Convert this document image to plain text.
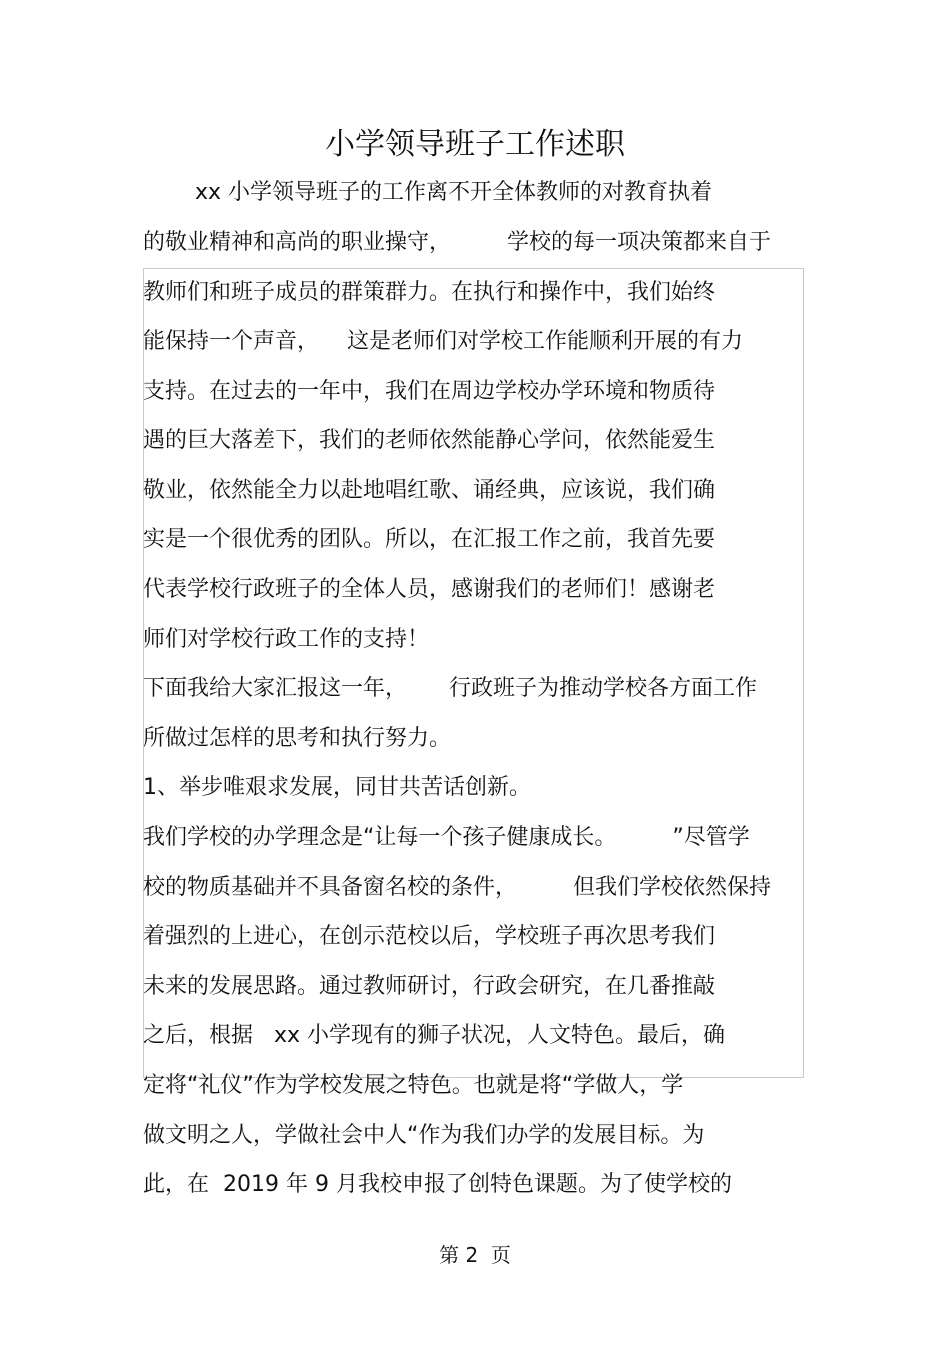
小学领导班子工作述职
xx 小学领导班子的工作离不开全体教师的对教育执着
的敬业精神和高尚的职业操守，        学校的每一项决策都来自于
教师们和班子成员的群策群力。在执行和操作中，我们始终
能保持一个声音，    这是老师们对学校工作能顺利开展的有力
支持。在过去的一年中，我们在周边学校办学环境和物质待
遇的巨大落差下，我们的老师依然能静心学问，依然能爱生
敬业，依然能全力以赴地唱红歌、诵经典，应该说，我们确
实是一个很优秀的团队。所以，在汇报工作之前，我首先要
代表学校行政班子的全体人员，感谢我们的老师们！感谢老
师们对学校行政工作的支持！
下面我给大家汇报这一年，      行政班子为推动学校各方面工作
所做过怎样的思考和执行努力。
1、举步唯艰求发展，同甘共苦话创新。
我们学校的办学理念是“让每一个孩子健康成长。        ”尽管学
校的物质基础并不具备窗名校的条件，        但我们学校依然保持
着强烈的上进心，在创示范校以后，学校班子再次思考我们
未来的发展思路。通过教师研讨，行政会研究，在几番推敲
之后，根据   xx 小学现有的狮子状况，人文特色。最后，确
定将“礼仪”作为学校发展之特色。也就是将“学做人，学
做文明之人，学做社会中人“作为我们办学的发展目标。为
此，在  2019 年 9 月我校申报了创特色课题。为了使学校的
第 2  页
